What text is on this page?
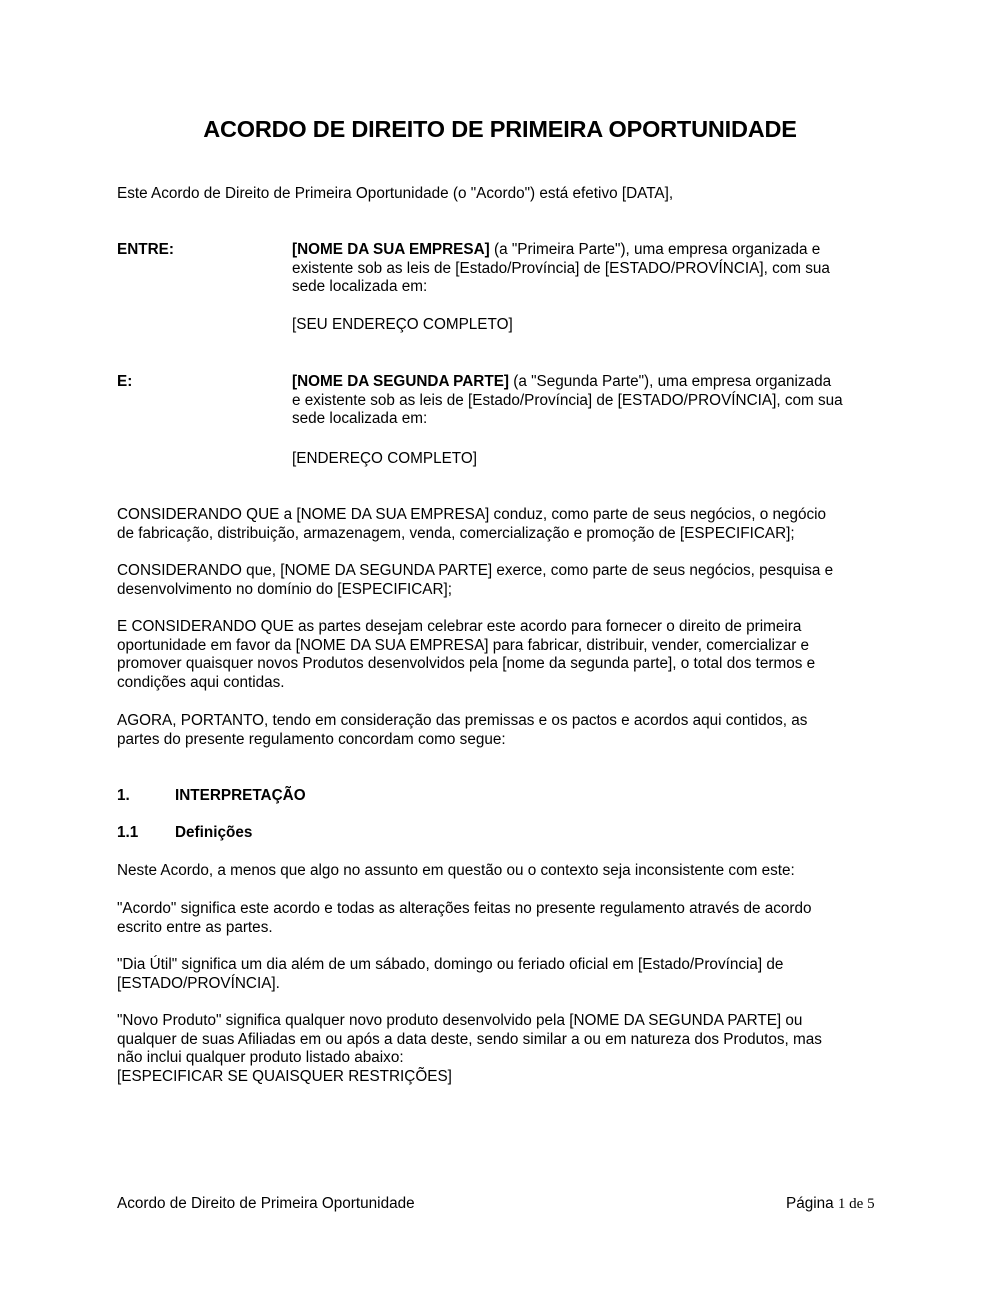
ACORDO DE DIREITO DE PRIMEIRA OPORTUNIDADE
Este Acordo de Direito de Primeira Oportunidade (o "Acordo") está efetivo [DATA],
ENTRE:	[NOME DA SUA EMPRESA] (a "Primeira Parte"), uma empresa organizada e
existente sob as leis de [Estado/Província] de [ESTADO/PROVÍNCIA], com sua
sede localizada em:
[SEU ENDEREÇO COMPLETO]
E:	[NOME DA SEGUNDA PARTE] (a "Segunda Parte"), uma empresa organizada
e existente sob as leis de [Estado/Província] de [ESTADO/PROVÍNCIA], com sua
sede localizada em:
[ENDEREÇO COMPLETO]
CONSIDERANDO QUE a [NOME DA SUA EMPRESA] conduz, como parte de seus negócios, o negócio
de fabricação, distribuição, armazenagem, venda, comercialização e promoção de [ESPECIFICAR];
CONSIDERANDO que, [NOME DA SEGUNDA PARTE] exerce, como parte de seus negócios, pesquisa e
desenvolvimento no domínio do [ESPECIFICAR];
E CONSIDERANDO QUE as partes desejam celebrar este acordo para fornecer o direito de primeira
oportunidade em favor da [NOME DA SUA EMPRESA] para fabricar, distribuir, vender, comercializar e
promover quaisquer novos Produtos desenvolvidos pela [nome da segunda parte], o total dos termos e
condições aqui contidas.
AGORA, PORTANTO, tendo em consideração das premissas e os pactos e acordos aqui contidos, as
partes do presente regulamento concordam como segue:
1.	INTERPRETAÇÃO
1.1 Definições
Neste Acordo, a menos que algo no assunto em questão ou o contexto seja inconsistente com este:
"Acordo" significa este acordo e todas as alterações feitas no presente regulamento através de acordo
escrito entre as partes.
"Dia Útil" significa um dia além de um sábado, domingo ou feriado oficial em [Estado/Província] de
[ESTADO/PROVÍNCIA].
"Novo Produto" significa qualquer novo produto desenvolvido pela [NOME DA SEGUNDA PARTE] ou
qualquer de suas Afiliadas em ou após a data deste, sendo similar a ou em natureza dos Produtos, mas
não inclui qualquer produto listado abaixo:
[ESPECIFICAR SE QUAISQUER RESTRIÇÕES]
Acordo de Direito de Primeira Oportunidade	Página 1 de 5
